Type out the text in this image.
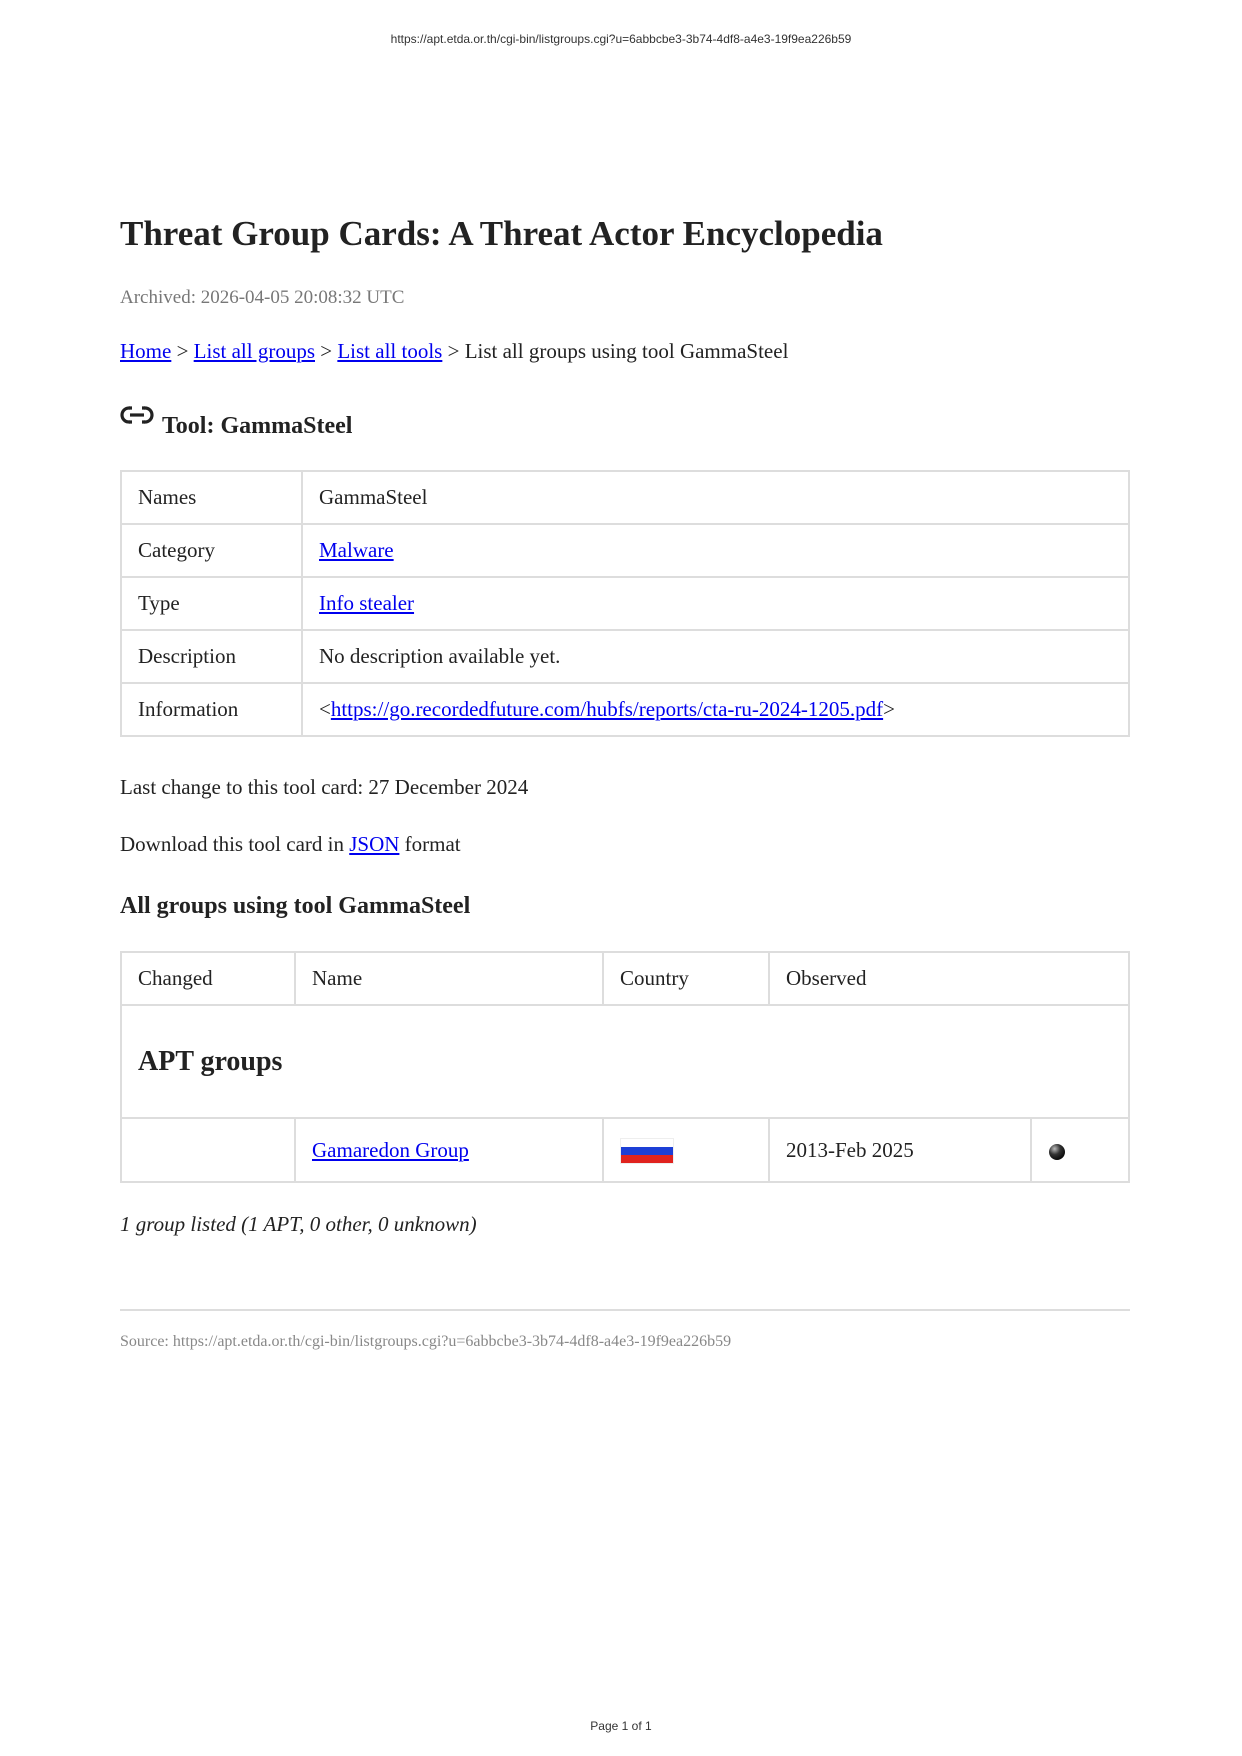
https://apt.etda.or.th/cgi-bin/listgroups.cgi?u=6abbcbe3-3b74-4df8-a4e3-19f9ea226b59
Threat Group Cards: A Threat Actor Encyclopedia
Archived: 2026-04-05 20:08:32 UTC
Home > List all groups > List all tools > List all groups using tool GammaSteel
Tool: GammaSteel
Names	GammaSteel
Category	Malware
Type	Info stealer
Description	No description available yet.
Information	<https://go.recordedfuture.com/hubfs/reports/cta-ru-2024-1205.pdf>
Last change to this tool card: 27 December 2024
Download this tool card in JSON format
All groups using tool GammaSteel
Changed	Name	Country	Observed	
APT groups				
	Gamaredon Group		2013-Feb 2025	
1 group listed (1 APT, 0 other, 0 unknown)
Source: https://apt.etda.or.th/cgi-bin/listgroups.cgi?u=6abbcbe3-3b74-4df8-a4e3-19f9ea226b59
Page 1 of 1
